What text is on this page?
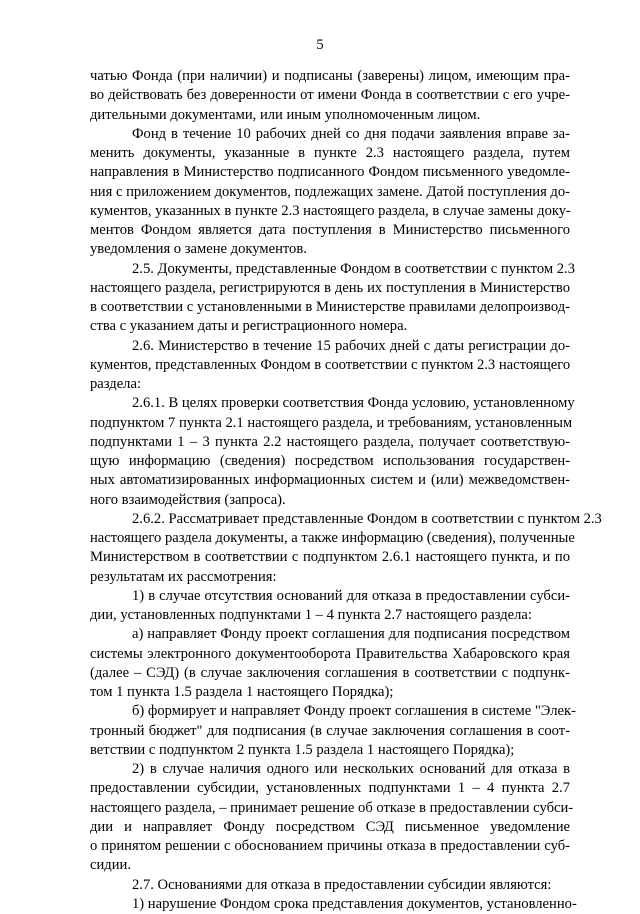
5
чатью Фонда (при наличии) и подписаны (заверены) лицом, имеющим пра-
во действовать без доверенности от имени Фонда в соответствии с его учре-
дительными документами, или иным уполномоченным лицом.
Фонд в течение 10 рабочих дней со дня подачи заявления вправе за-
менить документы, указанные в пункте 2.3 настоящего раздела, путем
направления в Министерство подписанного Фондом письменного уведомле-
ния с приложением документов, подлежащих замене. Датой поступления до-
кументов, указанных в пункте 2.3 настоящего раздела, в случае замены доку-
ментов Фондом является дата поступления в Министерство письменного
уведомления о замене документов.
2.5. Документы, представленные Фондом в соответствии с пунктом 2.3
настоящего раздела, регистрируются в день их поступления в Министерство
в соответствии с установленными в Министерстве правилами делопроизвод-
ства с указанием даты и регистрационного номера.
2.6. Министерство в течение 15 рабочих дней с даты регистрации до-
кументов, представленных Фондом в соответствии с пунктом 2.3 настоящего
раздела:
2.6.1. В целях проверки соответствия Фонда условию, установленному
подпунктом 7 пункта 2.1 настоящего раздела, и требованиям, установленным
подпунктами 1 – 3 пункта 2.2 настоящего раздела, получает соответствую-
щую информацию (сведения) посредством использования государствен-
ных автоматизированных информационных систем и (или) межведомствен-
ного взаимодействия (запроса).
2.6.2. Рассматривает представленные Фондом в соответствии с пунктом 2.3
настоящего раздела документы, а также информацию (сведения), полученные
Министерством в соответствии с подпунктом 2.6.1 настоящего пункта, и по
результатам их рассмотрения:
1) в случае отсутствия оснований для отказа в предоставлении субси-
дии, установленных подпунктами 1 – 4 пункта 2.7 настоящего раздела:
а) направляет Фонду проект соглашения для подписания посредством
системы электронного документооборота Правительства Хабаровского края
(далее – СЭД) (в случае заключения соглашения в соответствии с подпунк-
том 1 пункта 1.5 раздела 1 настоящего Порядка);
б) формирует и направляет Фонду проект соглашения в системе "Элек-
тронный бюджет" для подписания (в случае заключения соглашения в соот-
ветствии с подпунктом 2 пункта 1.5 раздела 1 настоящего Порядка);
2) в случае наличия одного или нескольких оснований для отказа в
предоставлении субсидии, установленных подпунктами 1 – 4 пункта 2.7
настоящего раздела, – принимает решение об отказе в предоставлении субси-
дии и направляет Фонду посредством СЭД письменное уведомление
о принятом решении с обоснованием причины отказа в предоставлении суб-
сидии.
2.7. Основаниями для отказа в предоставлении субсидии являются:
1) нарушение Фондом срока представления документов, установленно-
